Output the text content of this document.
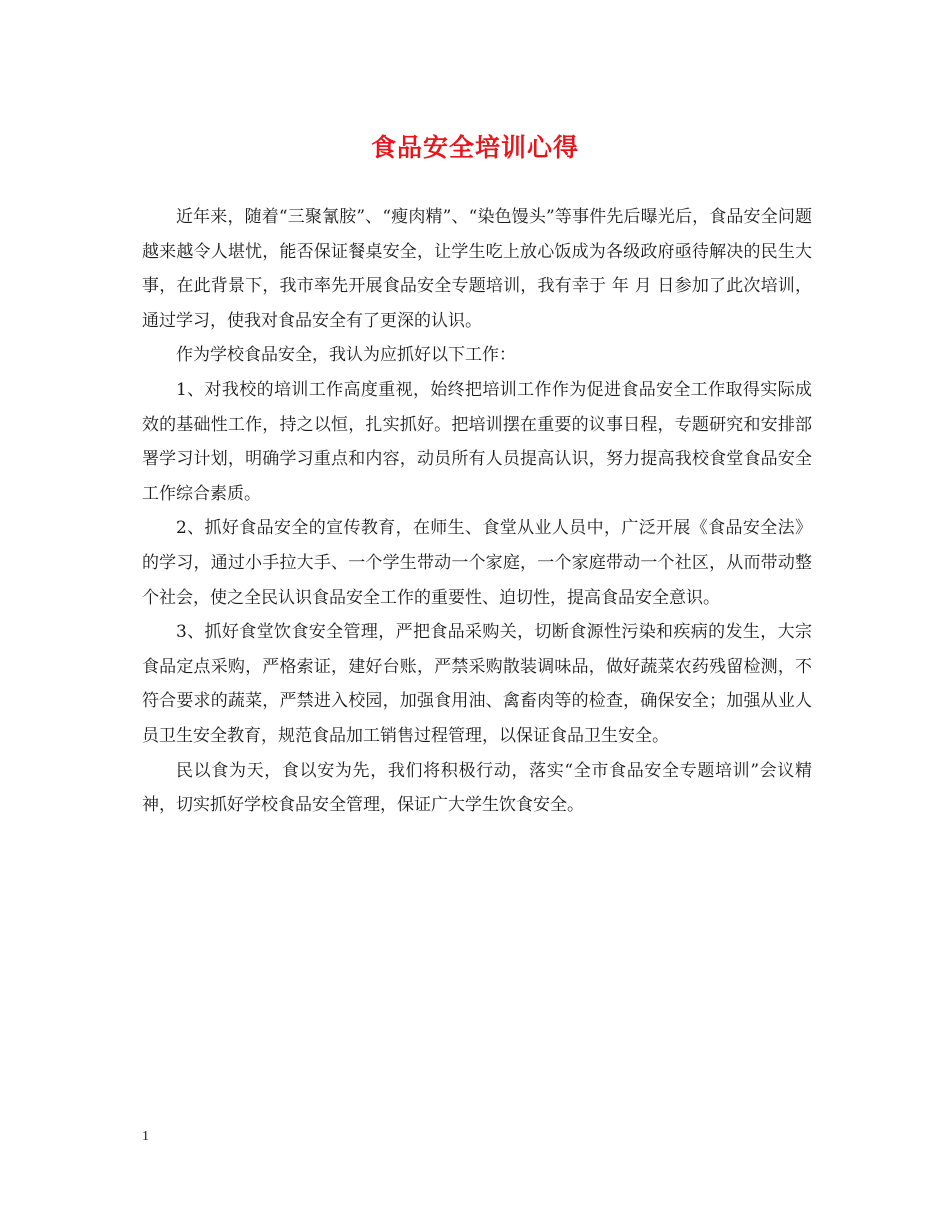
食品安全培训心得

近年来，随着“三聚氰胺”、“瘦肉精”、“染色馒头”等事件先后曝光后，食品安全问题越来越令人堪忧，能否保证餐桌安全，让学生吃上放心饭成为各级政府亟待解决的民生大事，在此背景下，我市率先开展食品安全专题培训，我有幸于 年 月 日参加了此次培训，通过学习，使我对食品安全有了更深的认识。

作为学校食品安全，我认为应抓好以下工作：

1、对我校的培训工作高度重视，始终把培训工作作为促进食品安全工作取得实际成效的基础性工作，持之以恒，扎实抓好。把培训摆在重要的议事日程，专题研究和安排部署学习计划，明确学习重点和内容，动员所有人员提高认识，努力提高我校食堂食品安全工作综合素质。

2、抓好食品安全的宣传教育，在师生、食堂从业人员中，广泛开展《食品安全法》的学习，通过小手拉大手、一个学生带动一个家庭，一个家庭带动一个社区，从而带动整个社会，使之全民认识食品安全工作的重要性、迫切性，提高食品安全意识。

3、抓好食堂饮食安全管理，严把食品采购关，切断食源性污染和疾病的发生，大宗食品定点采购，严格索证，建好台账，严禁采购散装调味品，做好蔬菜农药残留检测，不符合要求的蔬菜，严禁进入校园，加强食用油、禽畜肉等的检查，确保安全；加强从业人员卫生安全教育，规范食品加工销售过程管理，以保证食品卫生安全。

民以食为天，食以安为先，我们将积极行动，落实“全市食品安全专题培训”会议精神，切实抓好学校食品安全管理，保证广大学生饮食安全。

1
